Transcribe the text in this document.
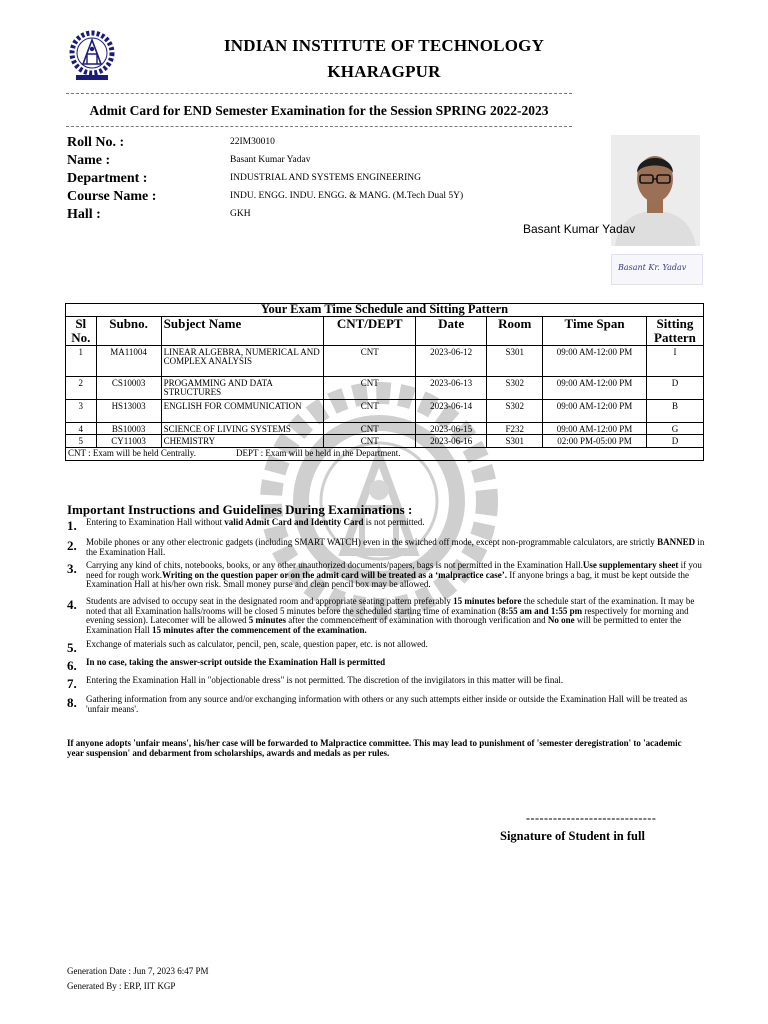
INDIAN INSTITUTE OF TECHNOLOGY
KHARAGPUR
Admit Card for END Semester Examination for the Session SPRING 2022-2023
Roll No. :	22IM30010
Name :	Basant Kumar Yadav
Department :	INDUSTRIAL AND SYSTEMS ENGINEERING
Course Name :	INDU. ENGG. INDU. ENGG. & MANG. (M.Tech Dual 5Y)
Hall :	GKH
Basant Kumar Yadav
Basant Kr. Yadav
Your Exam Time Schedule and Sitting Pattern							
Sl No.	Subno.	Subject Name	CNT/DEPT	Date	Room	Time Span	Sitting Pattern
1	MA11004	LINEAR ALGEBRA, NUMERICAL AND COMPLEX ANALYSIS	CNT	2023-06-12	S301	09:00 AM-12:00 PM	I
2	CS10003	PROGAMMING AND DATA STRUCTURES	CNT	2023-06-13	S302	09:00 AM-12:00 PM	D
3	HS13003	ENGLISH FOR COMMUNICATION	CNT	2023-06-14	S302	09:00 AM-12:00 PM	B
4	BS10003	SCIENCE OF LIVING SYSTEMS	CNT	2023-06-15	F232	09:00 AM-12:00 PM	G
5	CY11003	CHEMISTRY	CNT	2023-06-16	S301	02:00 PM-05:00 PM	D
CNT : Exam will be held Centrally. DEPT : Exam will be held in the Department.							
Important Instructions and Guidelines During Examinations :
1. Entering to Examination Hall without valid Admit Card and Identity Card is not permitted.
2. Mobile phones or any other electronic gadgets (including SMART WATCH) even in the switched off mode, except non-programmable calculators, are strictly BANNED in the Examination Hall.
3. Carrying any kind of chits, notebooks, books, or any other unauthorized documents/papers, bags is not permitted in the Examination Hall.Use supplementary sheet if you need for rough work.Writing on the question paper or on the admit card will be treated as a ‘malpractice case’. If anyone brings a bag, it must be kept outside the Examination Hall at his/her own risk. Small money purse and clean pencil box may be allowed.
4. Students are advised to occupy seat in the designated room and appropriate seating pattern preferably 15 minutes before the schedule start of the examination. It may be noted that all Examination halls/rooms will be closed 5 minutes before the scheduled starting time of examination (8:55 am and 1:55 pm respectively for morning and evening session). Latecomer will be allowed 5 minutes after the commencement of examination with thorough verification and No one will be permitted to enter the Examination Hall 15 minutes after the commencement of the examination.
5. Exchange of materials such as calculator, pencil, pen, scale, question paper, etc. is not allowed.
6. In no case, taking the answer-script outside the Examination Hall is permitted
7. Entering the Examination Hall in "objectionable dress" is not permitted. The discretion of the invigilators in this matter will be final.
8. Gathering information from any source and/or exchanging information with others or any such attempts either inside or outside the Examination Hall will be treated as 'unfair means'.
If anyone adopts 'unfair means', his/her case will be forwarded to Malpractice committee. This may lead to punishment of 'semester deregistration' to 'academic year suspension' and debarment from scholarships, awards and medals as per rules.
-----------------------------
Signature of Student in full
Generation Date : Jun 7, 2023 6:47 PM
Generated By : ERP, IIT KGP
